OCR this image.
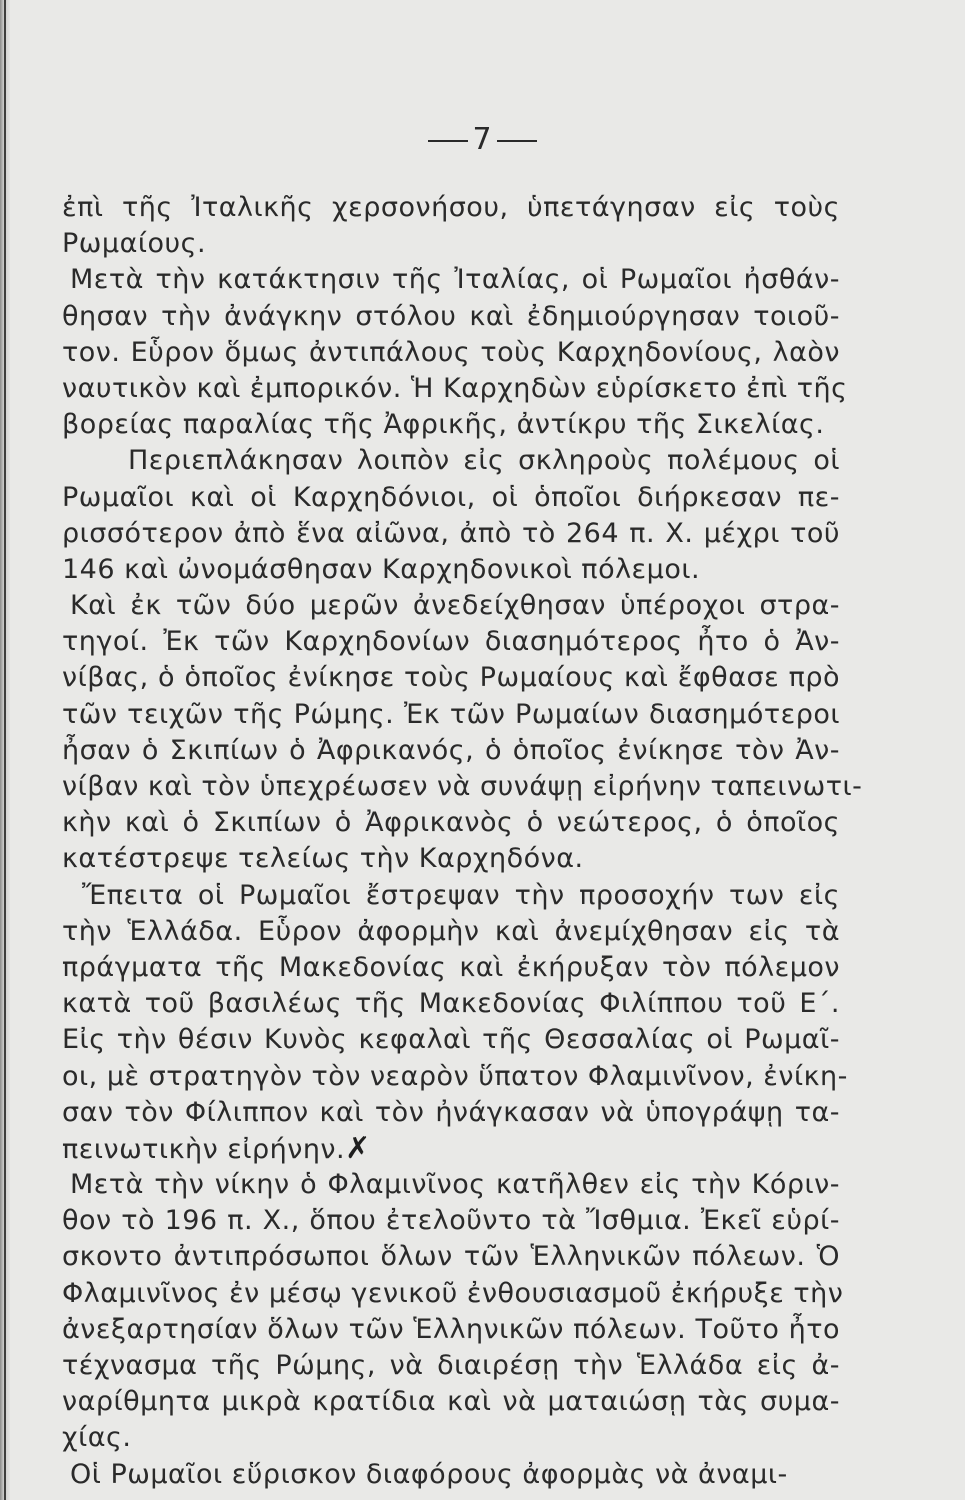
7
ἐπὶ τῆς Ἰταλικῆς χερσονήσου, ὑπετάγησαν εἰς τοὺς
Ρωμαίους.
Μετὰ τὴν κατάκτησιν τῆς Ἰταλίας, οἱ Ρωμαῖοι ἠσθάν-
θησαν τὴν ἀνάγκην στόλου καὶ ἐδημιούργησαν τοιοῦ-
τον. Εὗρον ὅμως ἀντιπάλους τοὺς Καρχηδονίους, λαὸν
ναυτικὸν καὶ ἐμπορικόν. Ἡ Καρχηδὼν εὑρίσκετο ἐπὶ τῆς
βορείας παραλίας τῆς Ἀφρικῆς, ἀντίκρυ τῆς Σικελίας.
Περιεπλάκησαν λοιπὸν εἰς σκληροὺς πολέμους οἱ
Ρωμαῖοι καὶ οἱ Καρχηδόνιοι, οἱ ὁποῖοι διήρκεσαν πε-
ρισσότερον ἀπὸ ἕνα αἰῶνα, ἀπὸ τὸ 264 π. Χ. μέχρι τοῦ
146 καὶ ὠνομάσθησαν Καρχηδονικοὶ πόλεμοι.
Καὶ ἐκ τῶν δύο μερῶν ἀνεδείχθησαν ὑπέροχοι στρα-
τηγοί. Ἐκ τῶν Καρχηδονίων διασημότερος ἦτο ὁ Ἀν-
νίβας, ὁ ὁποῖος ἐνίκησε τοὺς Ρωμαίους καὶ ἔφθασε πρὸ
τῶν τειχῶν τῆς Ρώμης. Ἐκ τῶν Ρωμαίων διασημότεροι
ἦσαν ὁ Σκιπίων ὁ Ἀφρικανός, ὁ ὁποῖος ἐνίκησε τὸν Ἀν-
νίβαν καὶ τὸν ὑπεχρέωσεν νὰ συνάψῃ εἰρήνην ταπεινωτι-
κὴν καὶ ὁ Σκιπίων ὁ Ἀφρικανὸς ὁ νεώτερος, ὁ ὁποῖος
κατέστρεψε τελείως τὴν Καρχηδόνα.
Ἔπειτα οἱ Ρωμαῖοι ἔστρεψαν τὴν προσοχήν των εἰς
τὴν Ἑλλάδα. Εὗρον ἀφορμὴν καὶ ἀνεμίχθησαν εἰς τὰ
πράγματα τῆς Μακεδονίας καὶ ἐκήρυξαν τὸν πόλεμον
κατὰ τοῦ βασιλέως τῆς Μακεδονίας Φιλίππου τοῦ Ε΄.
Εἰς τὴν θέσιν Κυνὸς κεφαλαὶ τῆς Θεσσαλίας οἱ Ρωμαῖ-
οι, μὲ στρατηγὸν τὸν νεαρὸν ὕπατον Φλαμινῖνον, ἐνίκη-
σαν τὸν Φίλιππον καὶ τὸν ἠνάγκασαν νὰ ὑπογράψῃ τα-
πεινωτικὴν εἰρήνην.✗
Μετὰ τὴν νίκην ὁ Φλαμινῖνος κατῆλθεν εἰς τὴν Κόριν-
θον τὸ 196 π. Χ., ὅπου ἐτελοῦντο τὰ Ἴσθμια. Ἐκεῖ εὑρί-
σκοντο ἀντιπρόσωποι ὅλων τῶν Ἑλληνικῶν πόλεων. Ὁ
Φλαμινῖνος ἐν μέσῳ γενικοῦ ἐνθουσιασμοῦ ἐκήρυξε τὴν
ἀνεξαρτησίαν ὅλων τῶν Ἑλληνικῶν πόλεων. Τοῦτο ἦτο
τέχνασμα τῆς Ρώμης, νὰ διαιρέσῃ τὴν Ἑλλάδα εἰς ἀ-
ναρίθμητα μικρὰ κρατίδια καὶ νὰ ματαιώσῃ τὰς συμα-
χίας.
Οἱ Ρωμαῖοι εὕρισκον διαφόρους ἀφορμὰς νὰ ἀναμι-
